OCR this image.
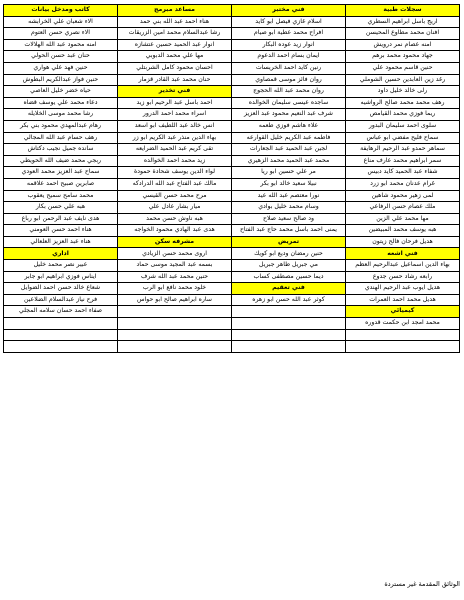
سجلات طبية	فني مختبر	مساعد مبرمج	كاتب ومدخل بيانات
اريج باسل ابراهيم السطري	اسلام غازي فيصل ابو كايد	هناء احمد عبد الله بني حمد	الاء شعبان علي الخرابشه
افنان محمد مطاوع المحيسن	افراح محمد عطية ابو صيام	رشا عبدالسلام محمد امين الزريقات	الاء نصري حسن العتوم
امنه عصام نمر درويش	انوار زيد عوده البكار	انوار عبد الحميد حسين عتشازه	امنه محمود عبد الله الهلالات
جهاد محمود محمد برهم	ايمان بسام احمد الدعوم	مها علي محمد الدبوبي	حنان عبد حسن الحولي
حنين قاسم محمود علي	رنين كايد احمد الخريسات	احسان محمود كامل الشربتلي	حنين فهد علي هواري
رغد زين العابدين حسين الشوملي	روان فائز موسى قمصاوي	حنان محمد عبد القادر قزمار	حنين فواز عبدالكريم البطوش
رلى خالد خليل داود	روان محمد عبد الله الحجوج	فني تخدير	حياه خضر خليل العاصي
رهف محمد محمد صالح الرواشيه	ساجده عيسى سليمان الخوالده	احمد باسل عبد الرحيم ابو زيد	دعاء محمد علي يوسف قضاه
ريما فوزي محمد القيامص	شرف عبد النعيم محمود عبد العزيز	اسراء محمد احمد الدرور	رشا محمد موسى الخلايله
سلوى احمد سليمان البدور	علاء هاشم فوزي طعمه	انس خالد عبد اللطيف ابو اسعد	رهام عبدالمهدي محمود بني بكر
سماح فليح مفضي ابو عباس	فاطمه عبد الكريم خليل القوارعه	بهاء الدين منذر عبد الكريم ابو زر	رهف حسام عبد الله المجالي
سماهر حمدو عبد الرحيم الرهايفة	لجين عبد الحميد عبد الجعارات	تقى كريم عبد الحميد الضرايعه	سانده جميل نجيب دكتاش
سمر ابراهيم محمد عارف مناع	محمد عبد الحميد محمد الزهيري	زيد محمد احمد الخوالده	ربجي محمد ضيف الله الحويطي
شفاء عبد الحميد كايد دبيس	مر علي حسين ابو ريا	لواء الدين يوسف شحادة حمودة	سماح عبد العزيز محمد العودي
غرام عدنان محمد ابو زرد	نبيلا سعيد خالد ابو بكر	مالك عبد الفتاح عبد الله الدرادكه	صابرين صبيح احمد علاقمه
لمى زهير محمود شاهين	نورا معتصم عبد الله عيد	مرح محمد حسن القيسي	محمد سامح سميح يعقوب
ملك عصام حسن الرفاعي	وسام محمد خليل بوادي	ميار بشار عادل علي	هبه علي حسن بكار
مها محمد علي الزين	ود صالح سعيد صلاح	هبه ناوش حسن محمد	هدى نايف عبد الرحمن ابو رباع
هبه يوسف محمد المبيضين	يمنى احمد باسل محمد حاج عبد الفتاح	هدى عبد الهادي محمود الخواجه	هناء احمد حسن العومني
هديل فرحان فالح زيتون	تمريض	مشرفه سكن	هناء عبد العزيز العلعالي
فني اشعه	حنين رمضان وديع ابو كويك	اروى محمد حسن الزيادي	اداري
بهاء الدين اسماعيل عبدالرحيم العظم	مي جبريل طاهر جبريل	بسمه عبد المجيد موسى حماد	عبير نصر محمد خليل
رابعه رشاد حسن جدوع	ديما حسين مصطفى كساب	حنين محمد عبد الله شرف	ايناس فوزي ابراهيم ابو جابر
هديل ايوب عبد الرحيم الهندي	فني تعقيم	خلود محمد نافع ابو الرب	شعاع خالد حسن احمد الضوايل
هديل محمد احمد العمرات	كوثر عبد الله حسن ابو زهره	ساره ابراهيم صالح ابو حواس	فرح نياز عبدالسلام الضلاعين
كيميائي			صفاء احمد حسان سلامه المجلي
محمد امجد ابن حكمت قدوره			

الوثائق المقدمة غير مستردة
